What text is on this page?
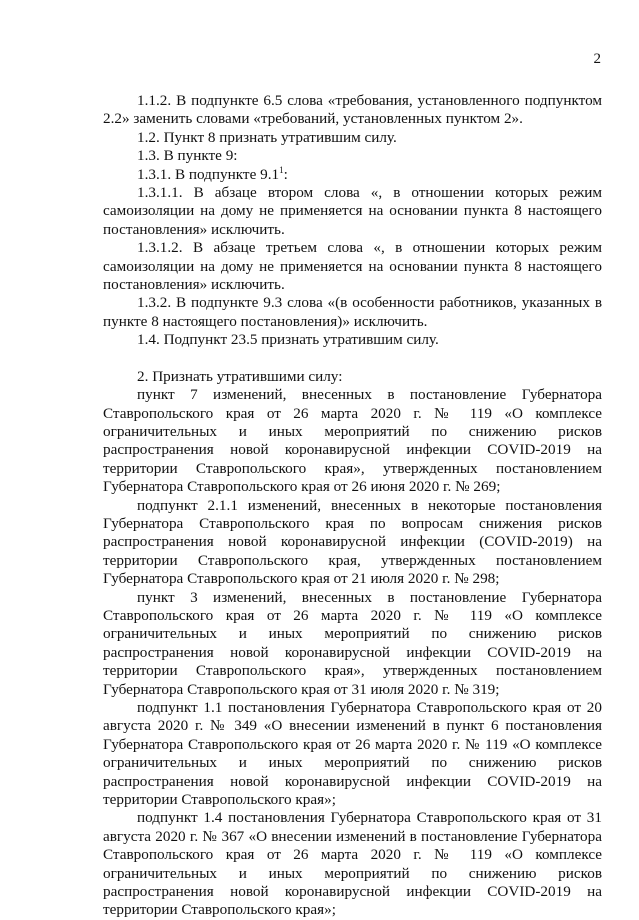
2

1.1.2. В подпункте 6.5 слова «требования, установленного подпунктом 2.2» заменить словами «требований, установленных пунктом 2».

1.2. Пункт 8 признать утратившим силу.

1.3. В пункте 9:

1.3.1. В подпункте $9.1^1$:

1.3.1.1. В абзаце втором слова «, в отношении которых режим самоизоляции на дому не применяется на основании пункта 8 настоящего постановления» исключить.

1.3.1.2. В абзаце третьем слова «, в отношении которых режим самоизоляции на дому не применяется на основании пункта 8 настоящего постановления» исключить.

1.3.2. В подпункте 9.3 слова «(в особенности работников, указанных в пункте 8 настоящего постановления)» исключить.

1.4. Подпункт 23.5 признать утратившим силу.

2. Признать утратившими силу:

пункт 7 изменений, внесенных в постановление Губернатора Ставропольского края от 26 марта 2020 г. № 119 «О комплексе ограничительных и иных мероприятий по снижению рисков распространения новой коронавирусной инфекции COVID-2019 на территории Ставропольского края», утвержденных постановлением Губернатора Ставропольского края от 26 июня 2020 г. № 269;

подпункт 2.1.1 изменений, внесенных в некоторые постановления Губернатора Ставропольского края по вопросам снижения рисков распространения новой коронавирусной инфекции (COVID-2019) на территории Ставропольского края, утвержденных постановлением Губернатора Ставропольского края от 21 июля 2020 г. № 298;

пункт 3 изменений, внесенных в постановление Губернатора Ставропольского края от 26 марта 2020 г. № 119 «О комплексе ограничительных и иных мероприятий по снижению рисков распространения новой коронавирусной инфекции COVID-2019 на территории Ставропольского края», утвержденных постановлением Губернатора Ставропольского края от 31 июля 2020 г. № 319;

подпункт 1.1 постановления Губернатора Ставропольского края от 20 августа 2020 г. № 349 «О внесении изменений в пункт 6 постановления Губернатора Ставропольского края от 26 марта 2020 г. № 119 «О комплексе ограничительных и иных мероприятий по снижению рисков распространения новой коронавирусной инфекции COVID-2019 на территории Ставропольского края»;

подпункт 1.4 постановления Губернатора Ставропольского края от 31 августа 2020 г. № 367 «О внесении изменений в постановление Губернатора Ставропольского края от 26 марта 2020 г. № 119 «О комплексе ограничительных и иных мероприятий по снижению рисков распространения новой коронавирусной инфекции COVID-2019 на территории Ставропольского края»;
